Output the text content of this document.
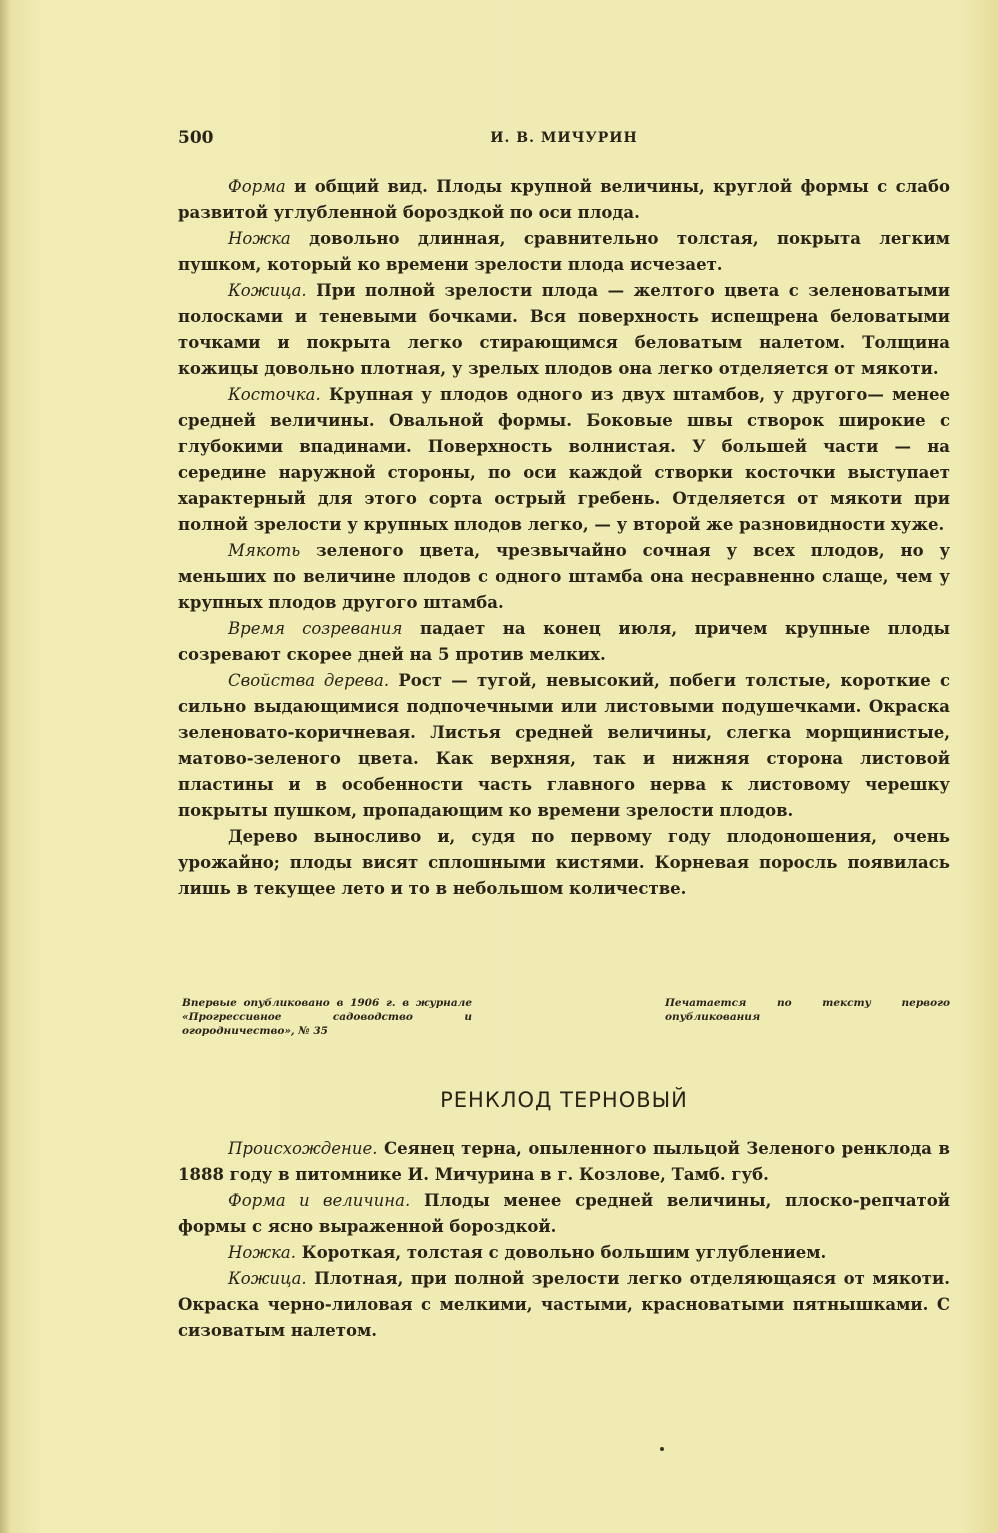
500	И. В. МИЧУРИН

Форма и общий вид. Плоды крупной величины, круглой формы с слабо развитой углубленной бороздкой по оси плода.

Ножка довольно длинная, сравнительно толстая, покрыта легким пушком, который ко времени зрелости плода исчезает.

Кожица. При полной зрелости плода — желтого цвета с зеленоватыми полосками и теневыми бочками. Вся поверхность испещрена беловатыми точками и покрыта легко стирающимся беловатым налетом. Толщина кожицы довольно плотная, у зрелых плодов она легко отделяется от мякоти.

Косточка. Крупная у плодов одного из двух штамбов, у другого— менее средней величины. Овальной формы. Боковые швы створок широкие с глубокими впадинами. Поверхность волнистая. У большей части — на середине наружной стороны, по оси каждой створки косточки выступает характерный для этого сорта острый гребень. Отделяется от мякоти при полной зрелости у крупных плодов легко, — у второй же разновидности хуже.

Мякоть зеленого цвета, чрезвычайно сочная у всех плодов, но у меньших по величине плодов с одного штамба она несравненно слаще, чем у крупных плодов другого штамба.

Время созревания падает на конец июля, причем крупные плоды созревают скорее дней на 5 против мелких.

Свойства дерева. Рост — тугой, невысокий, побеги толстые, короткие с сильно выдающимися подпочечными или листовыми подушечками. Окраска зеленовато-коричневая. Листья средней величины, слегка морщинистые, матово-зеленого цвета. Как верхняя, так и нижняя сторона листовой пластины и в особенности часть главного нерва к листовому черешку покрыты пушком, пропадающим ко времени зрелости плодов.

Дерево выносливо и, судя по первому году плодоношения, очень урожайно; плоды висят сплошными кистями. Корневая поросль появилась лишь в текущее лето и то в небольшом количестве.

Впервые опубликовано в 1906 г. в журнале «Прогрессивное садоводство и огородничество», № 35
Печатается по тексту первого опубликования
РЕНКЛОД ТЕРНОВЫЙ

Происхождение. Сеянец терна, опыленного пыльцой Зеленого ренклода в 1888 году в питомнике И. Мичурина в г. Козлове, Тамб. губ.

Форма и величина. Плоды менее средней величины, плоско-репчатой формы с ясно выраженной бороздкой.

Ножка. Короткая, толстая с довольно большим углублением.

Кожица. Плотная, при полной зрелости легко отделяющаяся от мякоти. Окраска черно-лиловая с мелкими, частыми, красноватыми пятнышками. С сизоватым налетом.
